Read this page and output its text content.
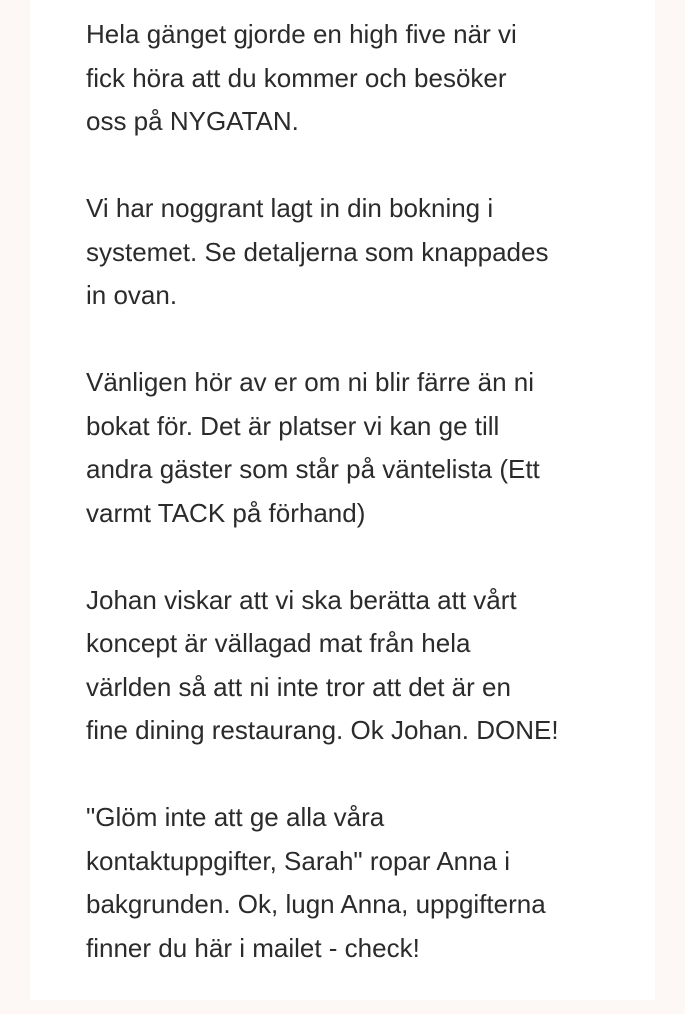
Hela gänget gjorde en high five när vi
fick höra att du kommer och besöker
oss på NYGATAN.

Vi har noggrant lagt in din bokning i
systemet. Se detaljerna som knappades
in ovan.

Vänligen hör av er om ni blir färre än ni
bokat för. Det är platser vi kan ge till
andra gäster som står på väntelista (Ett
varmt TACK på förhand)

Johan viskar att vi ska berätta att vårt
koncept är vällagad mat från hela
världen så att ni inte tror att det är en
fine dining restaurang. Ok Johan. DONE!

"Glöm inte att ge alla våra
kontaktuppgifter, Sarah" ropar Anna i
bakgrunden. Ok, lugn Anna, uppgifterna
finner du här i mailet - check!
